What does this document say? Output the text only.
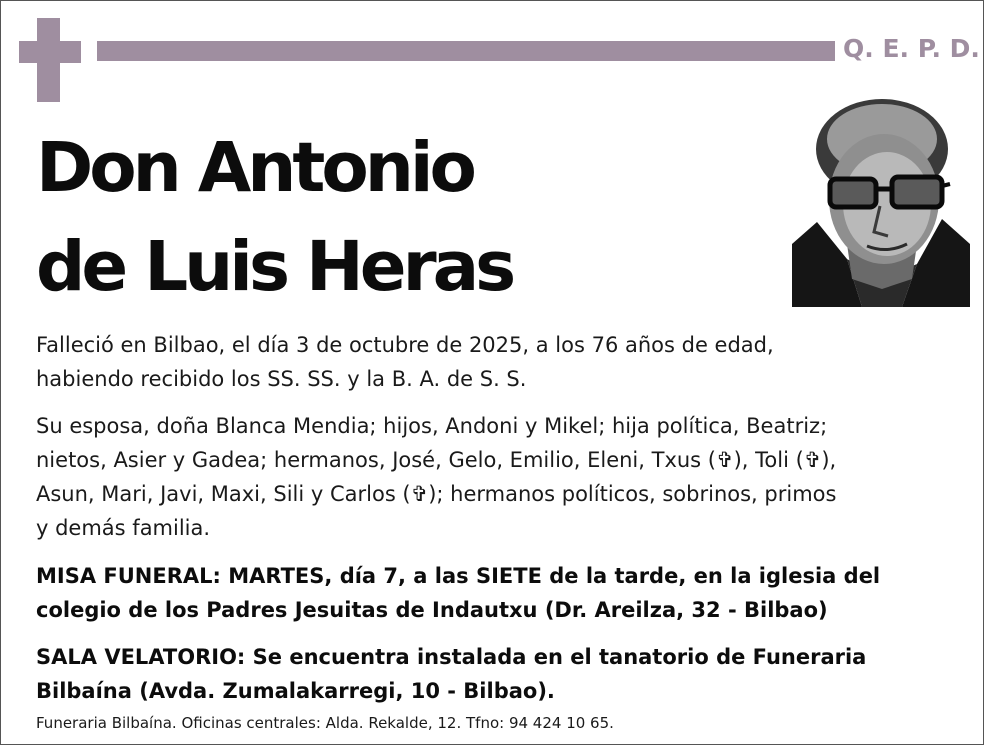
Q. E. P. D.
Don Antonio
de Luis Heras
Falleció en Bilbao, el día 3 de octubre de 2025, a los 76 años de edad,
habiendo recibido los SS. SS. y la B. A. de S. S.
Su esposa, doña Blanca Mendia; hijos, Andoni y Mikel; hija política, Beatriz;
nietos, Asier y Gadea; hermanos, José, Gelo, Emilio, Eleni, Txus (✞), Toli (✞),
Asun, Mari, Javi, Maxi, Sili y Carlos (✞); hermanos políticos, sobrinos, primos
y demás familia.
MISA FUNERAL: MARTES, día 7, a las SIETE de la tarde, en la iglesia del
colegio de los Padres Jesuitas de Indautxu (Dr. Areilza, 32 - Bilbao)
SALA VELATORIO: Se encuentra instalada en el tanatorio de Funeraria
Bilbaína (Avda. Zumalakarregi, 10 - Bilbao).
Funeraria Bilbaína. Oficinas centrales: Alda. Rekalde, 12. Tfno: 94 424 10 65.
